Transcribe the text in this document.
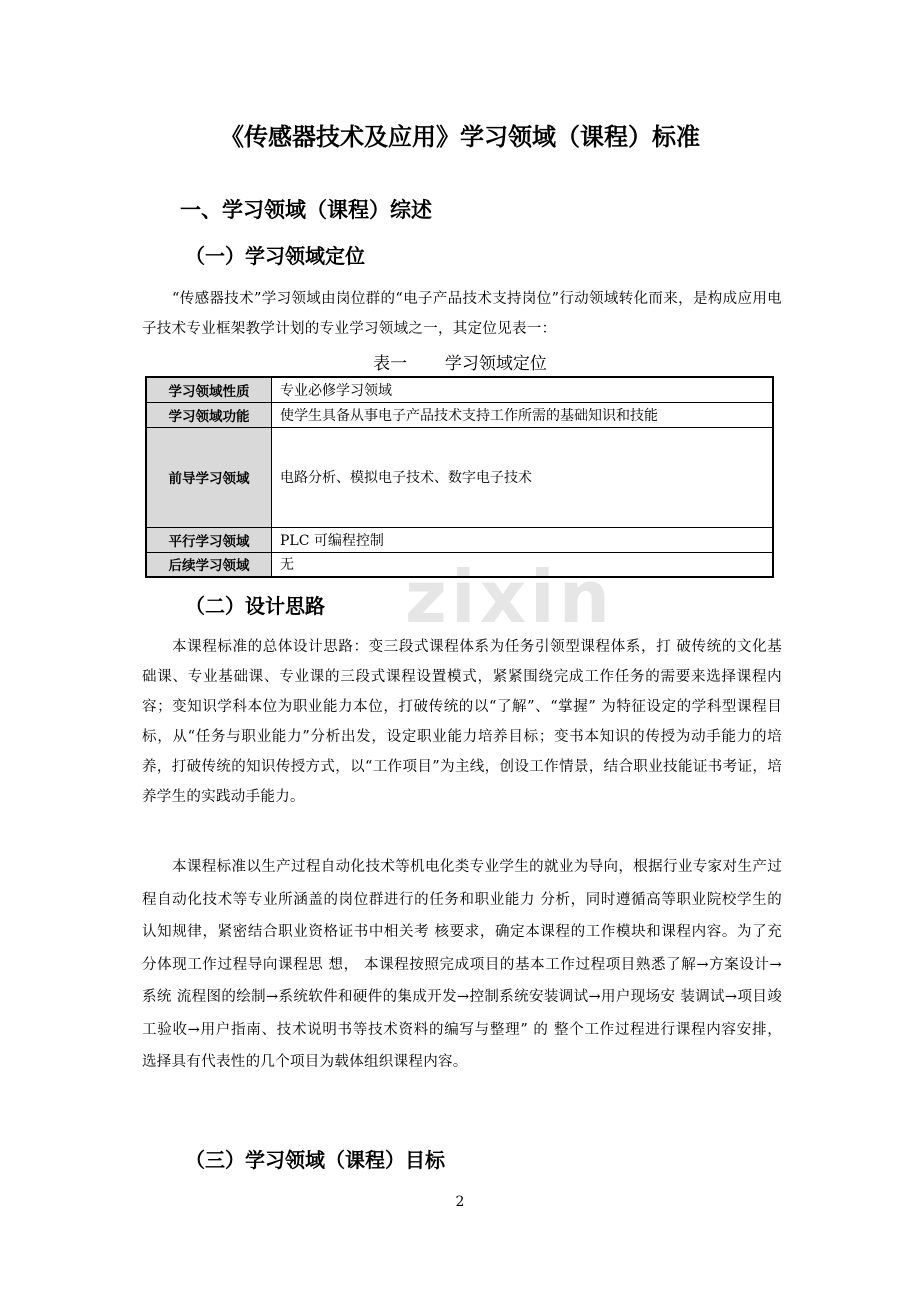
zixin
《传感器技术及应用》学习领域（课程）标准
一、学习领域（课程）综述
（一）学习领域定位
“传感器技术”学习领域由岗位群的“电子产品技术支持岗位”行动领域转化而来，是构成应用电子技术专业框架教学计划的专业学习领域之一，其定位见表一：
表一       学习领域定位
学习领域性质	专业必修学习领域
学习领域功能	使学生具备从事电子产品技术支持工作所需的基础知识和技能
前导学习领域	电路分析、模拟电子技术、数字电子技术
平行学习领域	PLC 可编程控制
后续学习领域	无
（二）设计思路
本课程标准的总体设计思路：变三段式课程体系为任务引领型课程体系，打 破传统的文化基础课、专业基础课、专业课的三段式课程设置模式，紧紧围绕完成工作任务的需要来选择课程内容；变知识学科本位为职业能力本位，打破传统的以“了解”、“掌握” 为特征设定的学科型课程目标，从“任务与职业能力”分析出发，设定职业能力培养目标；变书本知识的传授为动手能力的培养，打破传统的知识传授方式，以“工作项目”为主线，创设工作情景，结合职业技能证书考证，培养学生的实践动手能力。
本课程标准以生产过程自动化技术等机电化类专业学生的就业为导向，根据行业专家对生产过程自动化技术等专业所涵盖的岗位群进行的任务和职业能力 分析，同时遵循高等职业院校学生的认知规律，紧密结合职业资格证书中相关考 核要求，确定本课程的工作模块和课程内容。为了充分体现工作过程导向课程思 想， 本课程按照完成项目的基本工作过程项目熟悉了解→方案设计→系统 流程图的绘制→系统软件和硬件的集成开发→控制系统安装调试→用户现场安 装调试→项目竣工验收→用户指南、技术说明书等技术资料的编写与整理” 的 整个工作过程进行课程内容安排， 选择具有代表性的几个项目为载体组织课程内容。
（三）学习领域（课程）目标
2
